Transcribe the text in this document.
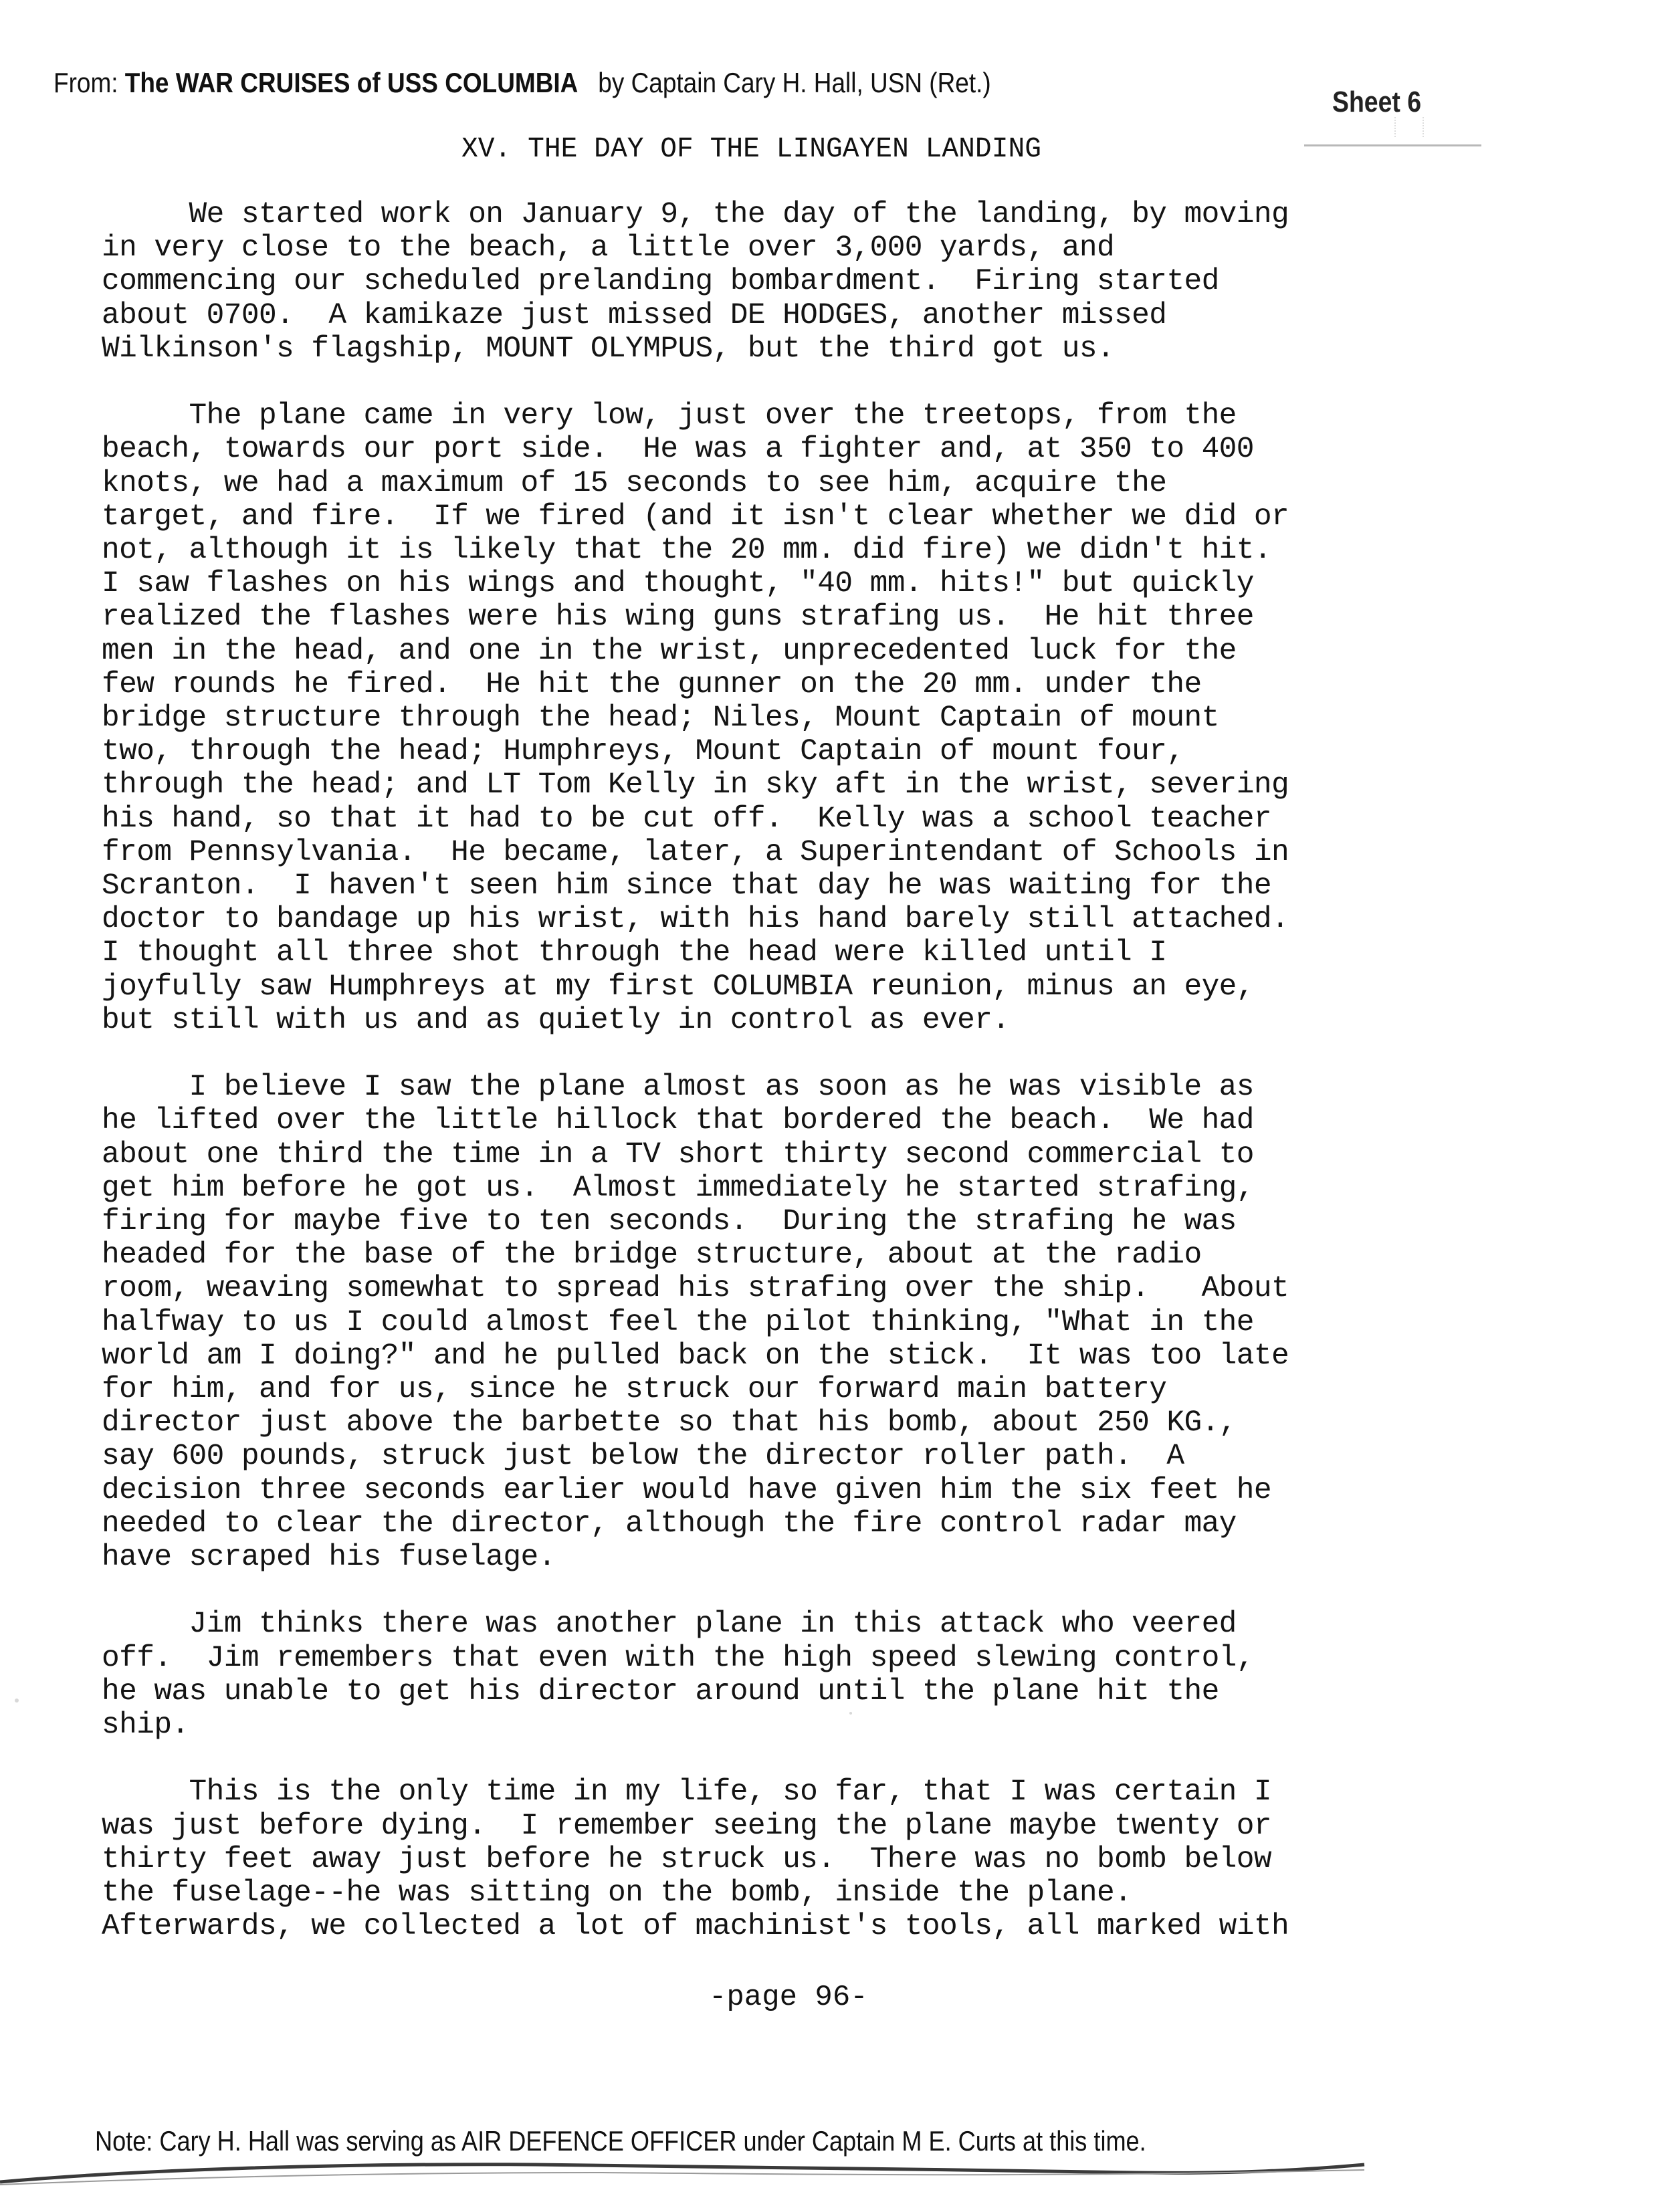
From: The WAR CRUISES of USS COLUMBIA by Captain Cary H. Hall, USN (Ret.)
Sheet 6
XV. THE DAY OF THE LINGAYEN LANDING
We started work on January 9, the day of the landing, by moving
in very close to the beach, a little over 3,000 yards, and
commencing our scheduled prelanding bombardment.  Firing started
about 0700.  A kamikaze just missed DE HODGES, another missed
Wilkinson's flagship, MOUNT OLYMPUS, but the third got us.
The plane came in very low, just over the treetops, from the
beach, towards our port side.  He was a fighter and, at 350 to 400
knots, we had a maximum of 15 seconds to see him, acquire the
target, and fire.  If we fired (and it isn't clear whether we did or
not, although it is likely that the 20 mm. did fire) we didn't hit.
I saw flashes on his wings and thought, "40 mm. hits!" but quickly
realized the flashes were his wing guns strafing us.  He hit three
men in the head, and one in the wrist, unprecedented luck for the
few rounds he fired.  He hit the gunner on the 20 mm. under the
bridge structure through the head; Niles, Mount Captain of mount
two, through the head; Humphreys, Mount Captain of mount four,
through the head; and LT Tom Kelly in sky aft in the wrist, severing
his hand, so that it had to be cut off.  Kelly was a school teacher
from Pennsylvania.  He became, later, a Superintendant of Schools in
Scranton.  I haven't seen him since that day he was waiting for the
doctor to bandage up his wrist, with his hand barely still attached.
I thought all three shot through the head were killed until I
joyfully saw Humphreys at my first COLUMBIA reunion, minus an eye,
but still with us and as quietly in control as ever.
I believe I saw the plane almost as soon as he was visible as
he lifted over the little hillock that bordered the beach.  We had
about one third the time in a TV short thirty second commercial to
get him before he got us.  Almost immediately he started strafing,
firing for maybe five to ten seconds.  During the strafing he was
headed for the base of the bridge structure, about at the radio
room, weaving somewhat to spread his strafing over the ship.   About
halfway to us I could almost feel the pilot thinking, "What in the
world am I doing?" and he pulled back on the stick.  It was too late
for him, and for us, since he struck our forward main battery
director just above the barbette so that his bomb, about 250 KG.,
say 600 pounds, struck just below the director roller path.  A
decision three seconds earlier would have given him the six feet he
needed to clear the director, although the fire control radar may
have scraped his fuselage.
Jim thinks there was another plane in this attack who veered
off.  Jim remembers that even with the high speed slewing control,
he was unable to get his director around until the plane hit the
ship.
This is the only time in my life, so far, that I was certain I
was just before dying.  I remember seeing the plane maybe twenty or
thirty feet away just before he struck us.  There was no bomb below
the fuselage--he was sitting on the bomb, inside the plane.
Afterwards, we collected a lot of machinist's tools, all marked with
-page 96-
Note: Cary H. Hall was serving as AIR DEFENCE OFFICER under Captain M E. Curts at this time.
